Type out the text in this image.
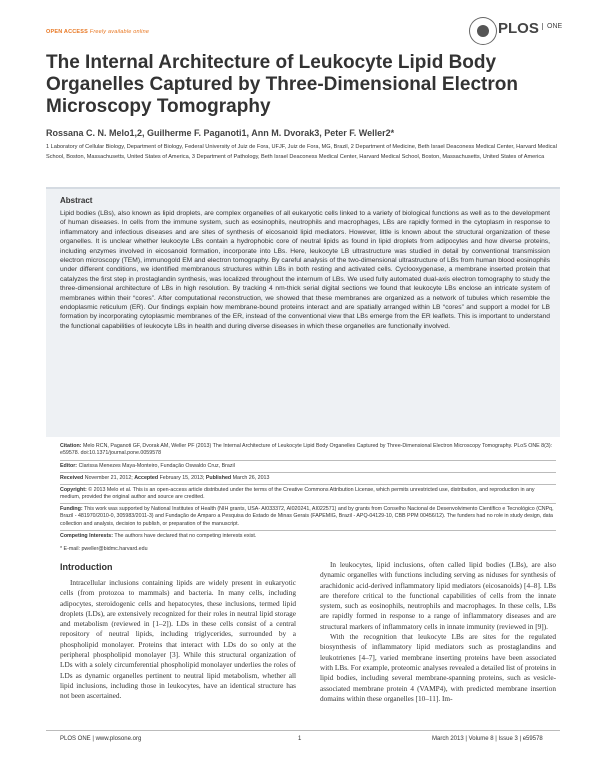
OPEN ACCESS Freely available online	PLOS	ONE
The Internal Architecture of Leukocyte Lipid Body Organelles Captured by Three-Dimensional Electron Microscopy Tomography
Rossana C. N. Melo1,2, Guilherme F. Paganoti1, Ann M. Dvorak3, Peter F. Weller2*
1 Laboratory of Cellular Biology, Department of Biology, Federal University of Juiz de Fora, UFJF, Juiz de Fora, MG, Brazil, 2 Department of Medicine, Beth Israel Deaconess Medical Center, Harvard Medical School, Boston, Massachusetts, United States of America, 3 Department of Pathology, Beth Israel Deaconess Medical Center, Harvard Medical School, Boston, Massachusetts, United States of America
Abstract
Lipid bodies (LBs), also known as lipid droplets, are complex organelles of all eukaryotic cells linked to a variety of biological functions as well as to the development of human diseases. In cells from the immune system, such as eosinophils, neutrophils and macrophages, LBs are rapidly formed in the cytoplasm in response to inflammatory and infectious diseases and are sites of synthesis of eicosanoid lipid mediators. However, little is known about the structural organization of these organelles. It is unclear whether leukocyte LBs contain a hydrophobic core of neutral lipids as found in lipid droplets from adipocytes and how diverse proteins, including enzymes involved in eicosanoid formation, incorporate into LBs. Here, leukocyte LB ultrastructure was studied in detail by conventional transmission electron microscopy (TEM), immunogold EM and electron tomography. By careful analysis of the two-dimensional ultrastructure of LBs from human blood eosinophils under different conditions, we identified membranous structures within LBs in both resting and activated cells. Cyclooxygenase, a membrane inserted protein that catalyzes the first step in prostaglandin synthesis, was localized throughout the internum of LBs. We used fully automated dual-axis electron tomography to study the three-dimensional architecture of LBs in high resolution. By tracking 4 nm-thick serial digital sections we found that leukocyte LBs enclose an intricate system of membranes within their “cores”. After computational reconstruction, we showed that these membranes are organized as a network of tubules which resemble the endoplasmic reticulum (ER). Our findings explain how membrane-bound proteins interact and are spatially arranged within LB “cores” and support a model for LB formation by incorporating cytoplasmic membranes of the ER, instead of the conventional view that LBs emerge from the ER leaflets. This is important to understand the functional capabilities of leukocyte LBs in health and during diverse diseases in which these organelles are functionally involved.
Citation: Melo RCN, Paganoti GF, Dvorak AM, Weller PF (2013) The Internal Architecture of Leukocyte Lipid Body Organelles Captured by Three-Dimensional Electron Microscopy Tomography. PLoS ONE 8(3): e59578. doi:10.1371/journal.pone.0059578
Editor: Clarissa Menezes Maya-Monteiro, Fundação Oswaldo Cruz, Brazil
Received November 21, 2012; Accepted February 15, 2013; Published March 26, 2013
Copyright: © 2013 Melo et al. This is an open-access article distributed under the terms of the Creative Commons Attribution License, which permits unrestricted use, distribution, and reproduction in any medium, provided the original author and source are credited.
Funding: This work was supported by National Institutes of Health (NIH grants, USA- AI033372, AI020241, AI022571) and by grants from Conselho Nacional de Desenvolvimento Científico e Tecnológico (CNPq, Brazil - 481970/2010-0, 305983/2011-3) and Fundação de Amparo a Pesquisa do Estado de Minas Gerais (FAPEMIG, Brazil - APQ-04129-10, CBB PPM 00456/12). The funders had no role in study design, data collection and analysis, decision to publish, or preparation of the manuscript.
Competing Interests: The authors have declared that no competing interests exist.
* E-mail: pweller@bidmc.harvard.edu
Introduction

Intracellular inclusions containing lipids are widely present in eukaryotic cells (from protozoa to mammals) and bacteria. In many cells, including adipocytes, steroidogenic cells and hepatocytes, these inclusions, termed lipid droplets (LDs), are extensively recognized for their roles in neutral lipid storage and metabolism (reviewed in [1–2]). LDs in these cells consist of a central repository of neutral lipids, including triglycerides, surrounded by a phospholipid monolayer. Proteins that interact with LDs do so only at the peripheral phospholipid monolayer [3]. While this structural organization of LDs with a solely circumferential phospholipid monolayer underlies the roles of LDs as dynamic organelles pertinent to neutral lipid metabolism, whether all lipid inclusions, including those in leukocytes, have an identical structure has not been ascertained.

In leukocytes, lipid inclusions, often called lipid bodies (LBs), are also dynamic organelles with functions including serving as niduses for synthesis of arachidonic acid-derived inflammatory lipid mediators (eicosanoids) [4–8]. LBs are therefore critical to the functional capabilities of cells from the innate system, such as eosinophils, neutrophils and macrophages. In these cells, LBs are rapidly formed in response to a range of inflammatory diseases and are structural markers of inflammatory cells in innate immunity (reviewed in [9]).

With the recognition that leukocyte LBs are sites for the regulated biosynthesis of inflammatory lipid mediators such as prostaglandins and leukotrienes [4–7], varied membrane inserting proteins have been associated with LBs. For example, proteomic analyses revealed a detailed list of proteins in lipid bodies, including several membrane-spanning proteins, such as vesicle-associated membrane protein 4 (VAMP4), with predicted membrane insertion domains within these organelles [10–11]. Im-

PLOS ONE | www.plosone.org	1	March 2013 | Volume 8 | Issue 3 | e59578
